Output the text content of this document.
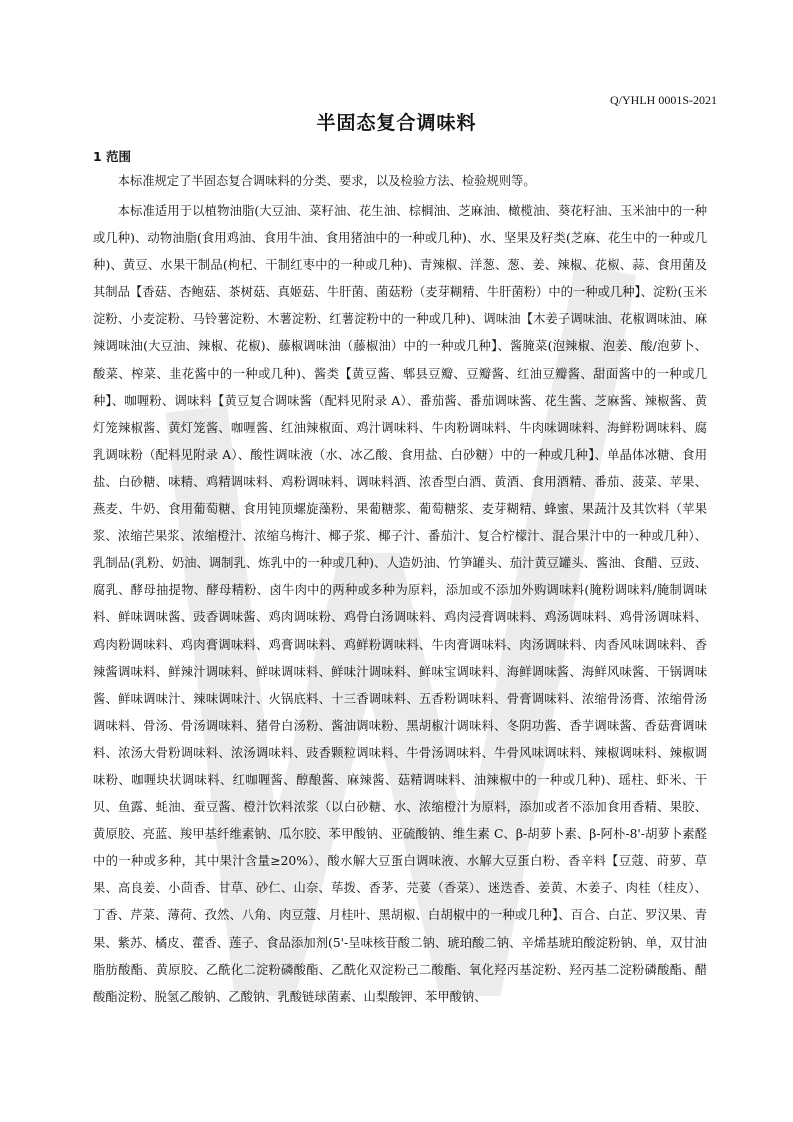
Q/YHLH 0001S-2021

半固态复合调味料
1 范围

本标准规定了半固态复合调味料的分类、要求，以及检验方法、检验规则等。

本标准适用于以植物油脂(大豆油、菜籽油、花生油、棕榈油、芝麻油、橄榄油、葵花籽油、玉米油中的一种或几种)、动物油脂(食用鸡油、食用牛油、食用猪油中的一种或几种)、水、坚果及籽类(芝麻、花生中的一种或几种)、黄豆、水果干制品(枸杞、干制红枣中的一种或几种)、青辣椒、洋葱、葱、姜、辣椒、花椒、蒜、食用菌及其制品【香菇、杏鲍菇、茶树菇、真姬菇、牛肝菌、菌菇粉（麦芽糊精、牛肝菌粉）中的一种或几种】、淀粉(玉米淀粉、小麦淀粉、马铃薯淀粉、木薯淀粉、红薯淀粉中的一种或几种)、调味油【木姜子调味油、花椒调味油、麻辣调味油(大豆油、辣椒、花椒)、藤椒调味油（藤椒油）中的一种或几种】、酱腌菜(泡辣椒、泡姜、酸/泡萝卜、酸菜、榨菜、韭花酱中的一种或几种)、酱类【黄豆酱、郫县豆瓣、豆瓣酱、红油豆瓣酱、甜面酱中的一种或几种】、咖喱粉、调味料【黄豆复合调味酱（配料见附录 A）、番茄酱、番茄调味酱、花生酱、芝麻酱、辣椒酱、黄灯笼辣椒酱、黄灯笼酱、咖喱酱、红油辣椒面、鸡汁调味料、牛肉粉调味料、牛肉味调味料、海鲜粉调味料、腐乳调味粉（配料见附录 A）、酸性调味液（水、冰乙酸、食用盐、白砂糖）中的一种或几种】、单晶体冰糖、食用盐、白砂糖、味精、鸡精调味料、鸡粉调味料、调味料酒、浓香型白酒、黄酒、食用酒精、番茄、菠菜、苹果、燕麦、牛奶、食用葡萄糖、食用钝顶螺旋藻粉、果葡糖浆、葡萄糖浆、麦芽糊精、蜂蜜、果蔬汁及其饮料（苹果浆、浓缩芒果浆、浓缩橙汁、浓缩乌梅汁、椰子浆、椰子汁、番茄汁、复合柠檬汁、混合果汁中的一种或几种）、乳制品(乳粉、奶油、调制乳、炼乳中的一种或几种)、人造奶油、竹笋罐头、茄汁黄豆罐头、酱油、食醋、豆豉、腐乳、酵母抽提物、酵母精粉、卤牛肉中的两种或多种为原料，添加或不添加外购调味料(腌粉调味料/腌制调味料、鲜味调味酱、豉香调味酱、鸡肉调味粉、鸡骨白汤调味料、鸡肉浸膏调味料、鸡汤调味料、鸡骨汤调味料、鸡肉粉调味料、鸡肉膏调味料、鸡膏调味料、鸡鲜粉调味料、牛肉膏调味料、肉汤调味料、肉香风味调味料、香辣酱调味料、鲜辣汁调味料、鲜味调味料、鲜味汁调味料、鲜味宝调味料、海鲜调味酱、海鲜风味酱、干锅调味酱、鲜味调味汁、辣味调味汁、火锅底料、十三香调味料、五香粉调味料、骨膏调味料、浓缩骨汤膏、浓缩骨汤调味料、骨汤、骨汤调味料、猪骨白汤粉、酱油调味粉、黑胡椒汁调味料、冬阴功酱、香芋调味酱、香菇膏调味料、浓汤大骨粉调味料、浓汤调味料、豉香颗粒调味料、牛骨汤调味料、牛骨风味调味料、辣椒调味料、辣椒调味粉、咖喱块状调味料、红咖喱酱、醇酿酱、麻辣酱、菇精调味料、油辣椒中的一种或几种)、瑶柱、虾米、干贝、鱼露、蚝油、蚕豆酱、橙汁饮料浓浆（以白砂糖、水、浓缩橙汁为原料，添加或者不添加食用香精、果胶、黄原胶、亮蓝、羧甲基纤维素钠、瓜尔胶、苯甲酸钠、亚硫酸钠、维生素 C、β-胡萝卜素、β-阿朴-8'-胡萝卜素醛中的一种或多种，其中果汁含量≥20%）、酸水解大豆蛋白调味液、水解大豆蛋白粉、香辛料【豆蔻、莳萝、草果、高良姜、小茴香、甘草、砂仁、山奈、荜拨、香茅、芫荽（香菜）、迷迭香、姜黄、木姜子、肉桂（桂皮）、丁香、芹菜、薄荷、孜然、八角、肉豆蔻、月桂叶、黑胡椒、白胡椒中的一种或几种】、百合、白芷、罗汉果、青果、紫苏、橘皮、藿香、莲子、食品添加剂(5'-呈味核苷酸二钠、琥珀酸二钠、辛烯基琥珀酸淀粉钠、单，双甘油脂肪酸酯、黄原胶、乙酰化二淀粉磷酸酯、乙酰化双淀粉己二酸酯、氧化羟丙基淀粉、羟丙基二淀粉磷酸酯、醋酸酯淀粉、脱氢乙酸钠、乙酸钠、乳酸链球菌素、山梨酸钾、苯甲酸钠、
